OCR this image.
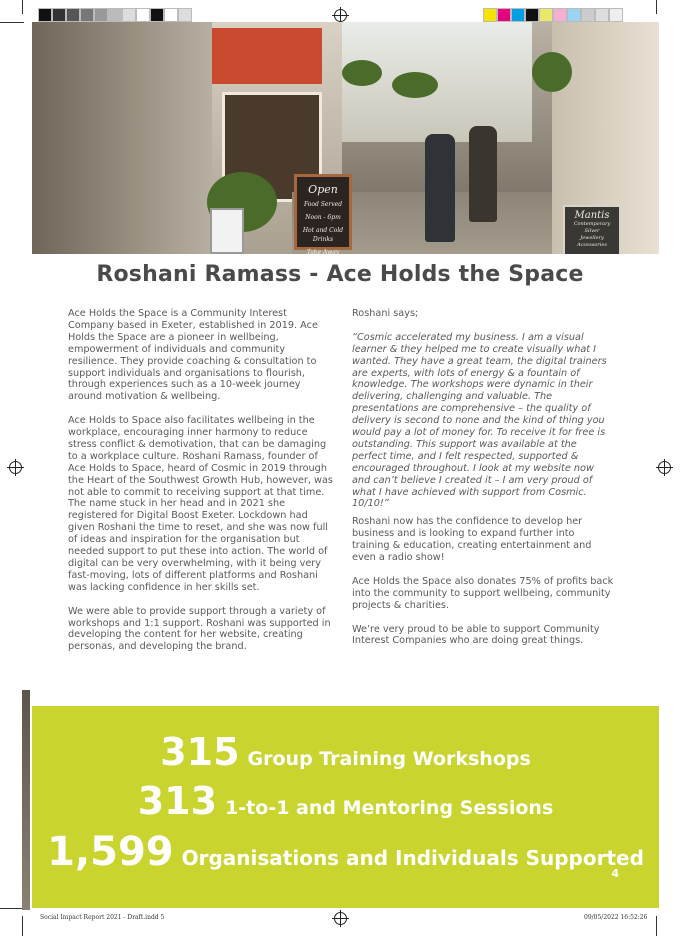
Open
Food Served
Noon - 6pm
Hot and Cold Drinks
Take Away
Mantis
Contemporary
Silver
Jewellery
Accessories
Roshani Ramass - Ace Holds the Space

Ace Holds the Space is a Community Interest Company based in Exeter, established in 2019. Ace Holds the Space are a pioneer in wellbeing, empowerment of individuals and community resilience. They provide coaching & consultation to support individuals and organisations to flourish, through experiences such as a 10-week journey around motivation & wellbeing.

Ace Holds to Space also facilitates wellbeing in the workplace, encouraging inner harmony to reduce stress conflict & demotivation, that can be damaging to a workplace culture. Roshani Ramass, founder of Ace Holds to Space, heard of Cosmic in 2019 through the Heart of the Southwest Growth Hub, however, was not able to commit to receiving support at that time. The name stuck in her head and in 2021 she registered for Digital Boost Exeter. Lockdown had given Roshani the time to reset, and she was now full of ideas and inspiration for the organisation but needed support to put these into action. The world of digital can be very overwhelming, with it being very fast-moving, lots of different platforms and Roshani was lacking confidence in her skills set.

We were able to provide support through a variety of workshops and 1:1 support. Roshani was supported in developing the content for her website, creating personas, and developing the brand.

Roshani says;

“Cosmic accelerated my business. I am a visual learner & they helped me to create visually what I wanted. They have a great team, the digital trainers are experts, with lots of energy & a fountain of knowledge. The workshops were dynamic in their delivering, challenging and valuable. The presentations are comprehensive – the quality of delivery is second to none and the kind of thing you would pay a lot of money for. To receive it for free is outstanding. This support was available at the perfect time, and I felt respected, supported & encouraged throughout. I look at my website now and can’t believe I created it – I am very proud of what I have achieved with support from Cosmic. 10/10!”

Roshani now has the confidence to develop her business and is looking to expand further into training & education, creating entertainment and even a radio show!

Ace Holds the Space also donates 75% of profits back into the community to support wellbeing, community projects & charities.

We’re very proud to be able to support Community Interest Companies who are doing great things.

315 Group Training Workshops
313 1-to-1 and Mentoring Sessions
1,599 Organisations and Individuals Supported
4
Social Impact Report 2021 - Draft.indd 5	09/05/2022 16:52:26
